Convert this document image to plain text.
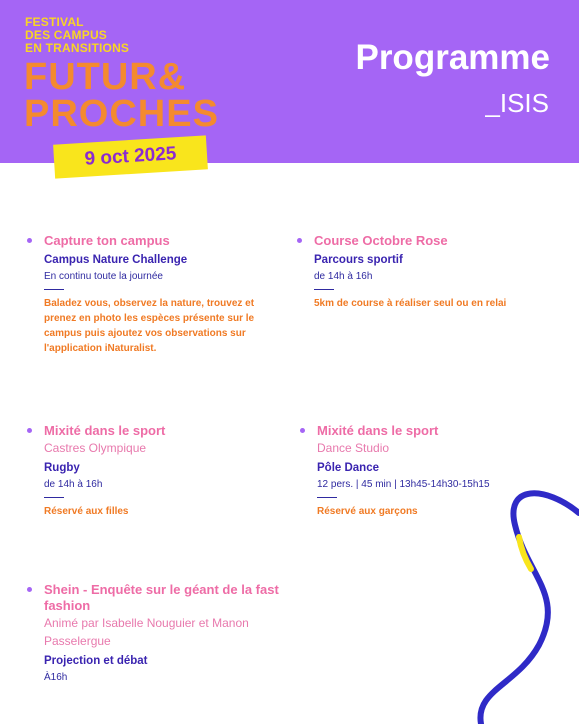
FESTIVAL
DES CAMPUS
EN TRANSITIONS
FUTUR&
PROCHES
Programme
_ISIS
9 oct 2025
Capture ton campus
Campus Nature Challenge
En continu toute la journée
Baladez vous, observez la nature, trouvez et prenez en photo les espèces présente sur le campus puis ajoutez vos observations sur l'application iNaturalist.
Course Octobre Rose
Parcours sportif
de 14h à 16h
5km de course à réaliser seul ou en relai
Mixité dans le sport
Castres Olympique
Rugby
de 14h à 16h
Réservé aux filles
Mixité dans le sport
Dance Studio
Pôle Dance
12 pers. | 45 min | 13h45-14h30-15h15
Réservé aux garçons
Shein - Enquête sur le géant de la fast fashion
Animé par Isabelle Nouguier et Manon Passelergue
Projection et débat
À16h
